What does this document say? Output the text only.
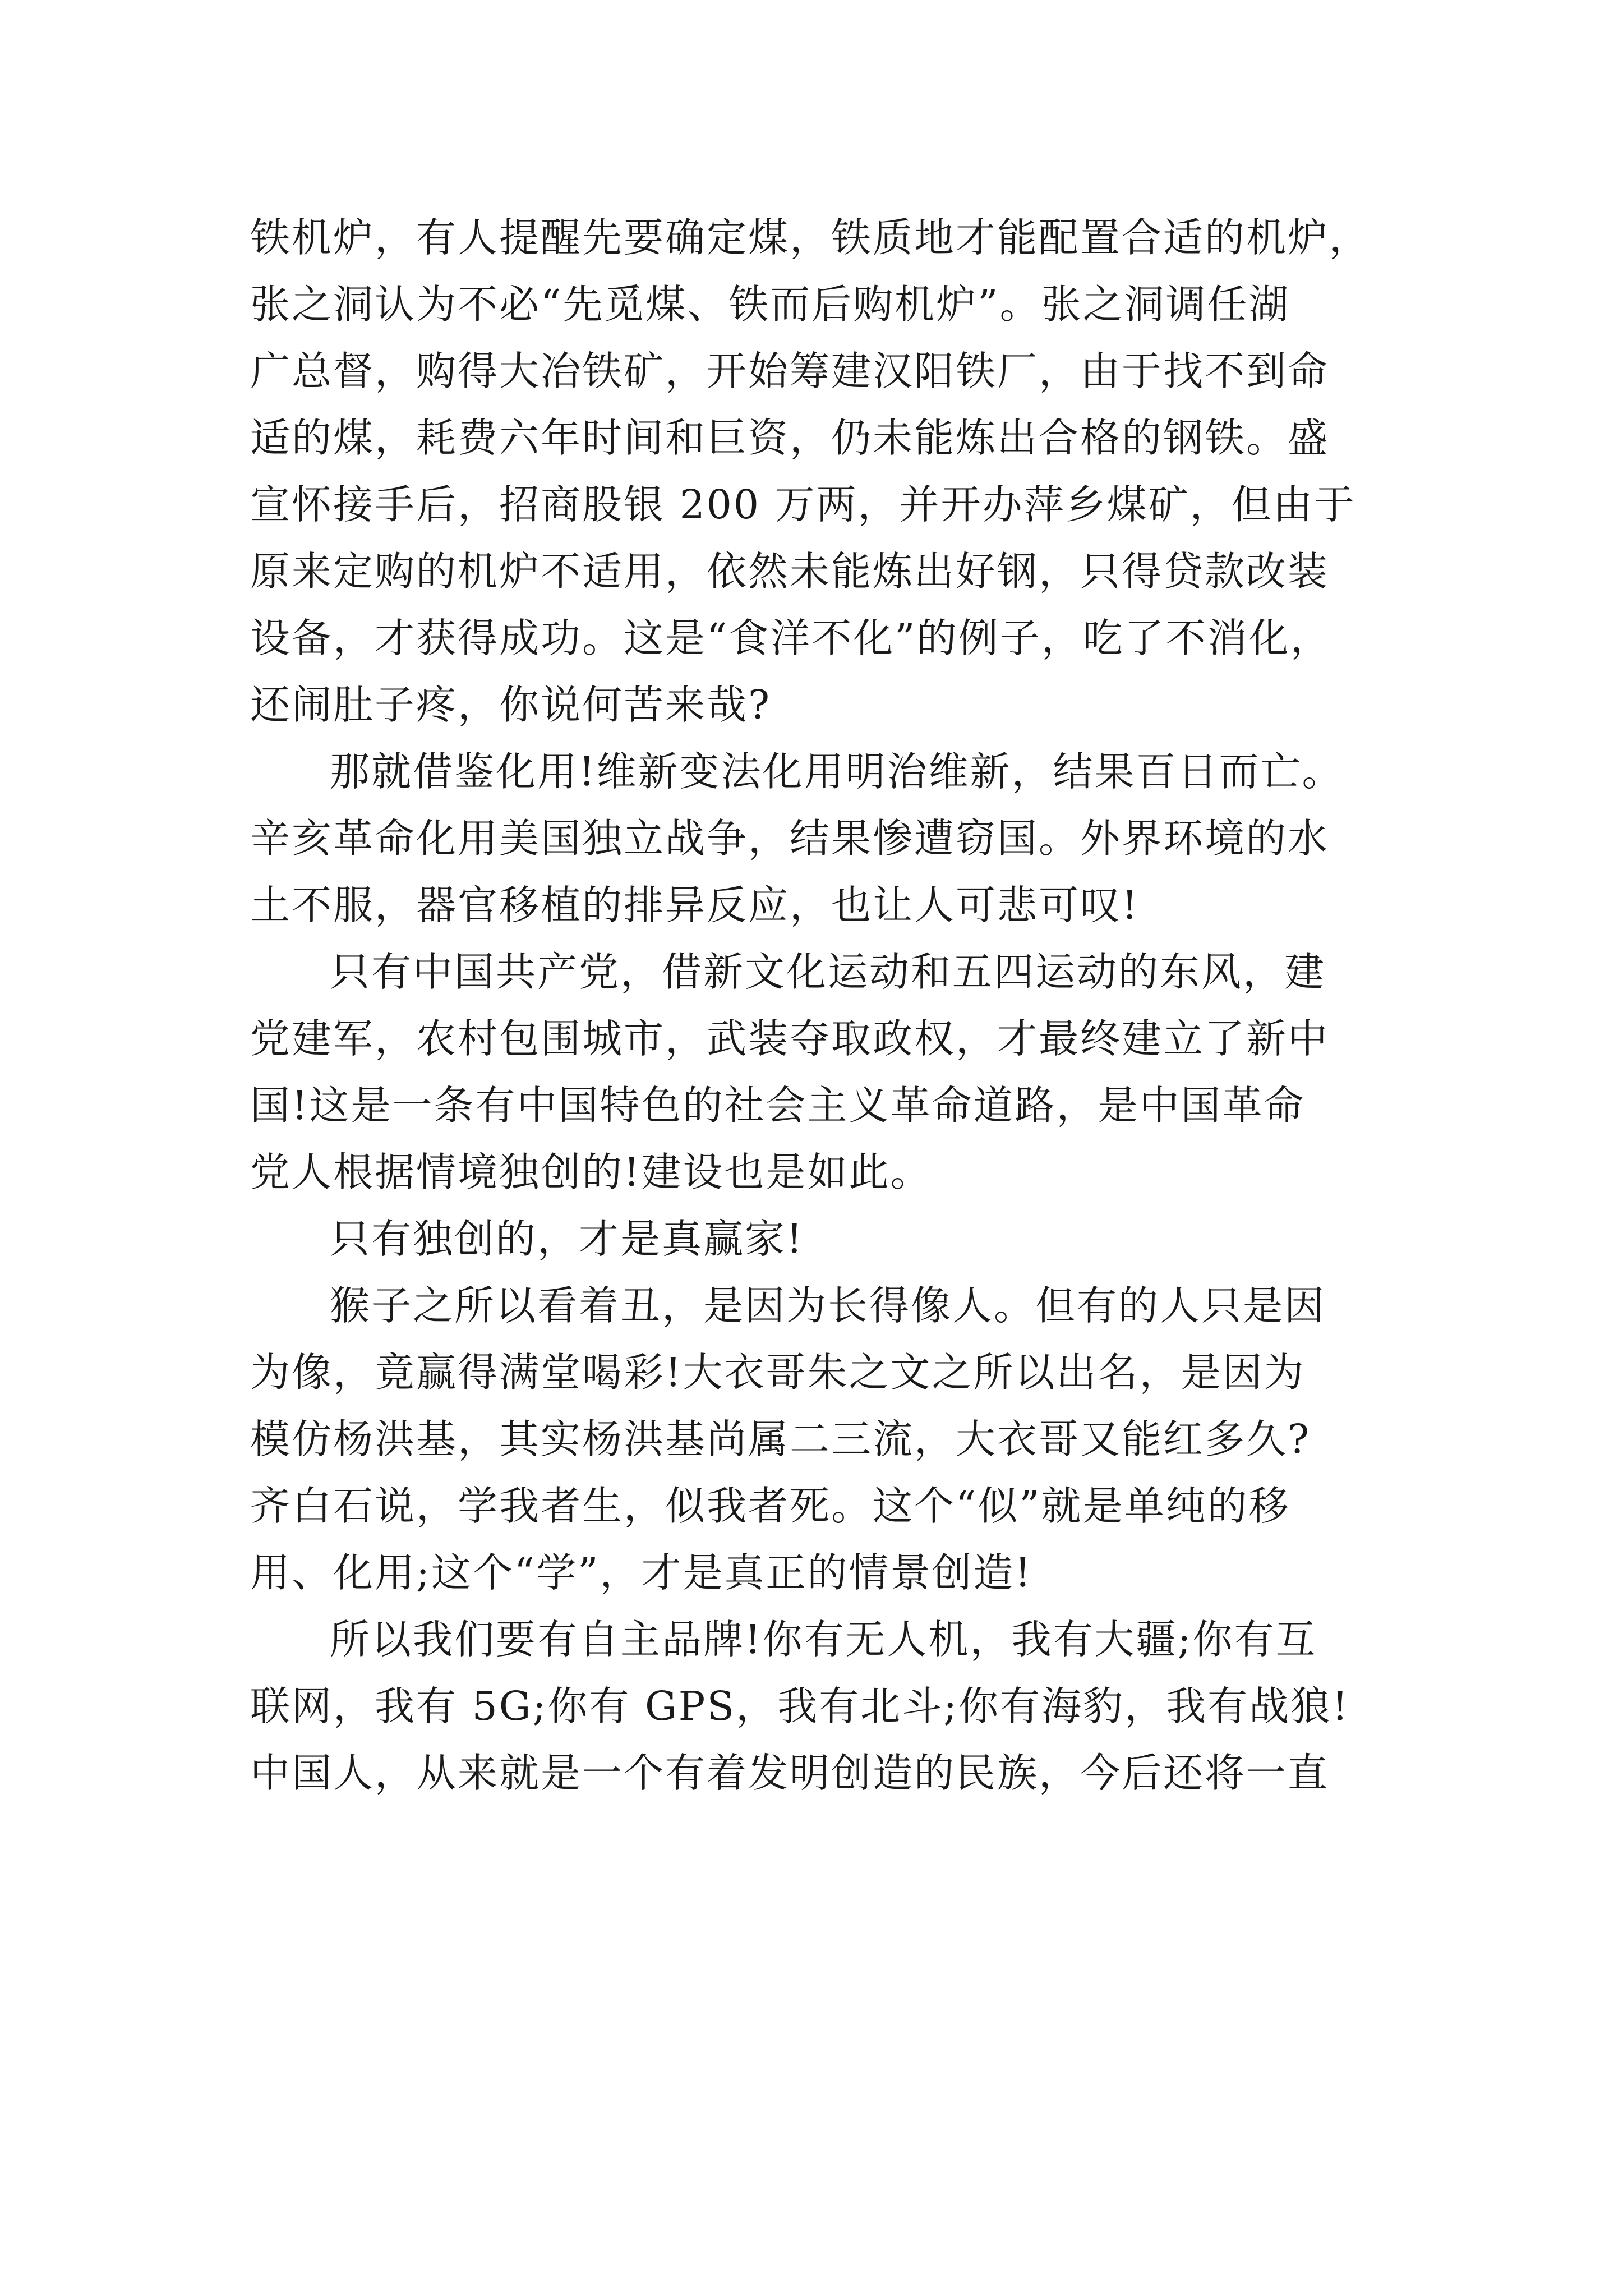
铁机炉，有人提醒先要确定煤，铁质地才能配置合适的机炉，
张之洞认为不必“先觅煤、铁而后购机炉”。张之洞调任湖
广总督，购得大冶铁矿，开始筹建汉阳铁厂，由于找不到命
适的煤，耗费六年时间和巨资，仍未能炼出合格的钢铁。盛
宣怀接手后，招商股银 200 万两，并开办萍乡煤矿，但由于
原来定购的机炉不适用，依然未能炼出好钢，只得贷款改装
设备，才获得成功。这是“食洋不化”的例子，吃了不消化，
还闹肚子疼，你说何苦来哉?
那就借鉴化用!维新变法化用明治维新，结果百日而亡。
辛亥革命化用美国独立战争，结果惨遭窃国。外界环境的水
土不服，器官移植的排异反应，也让人可悲可叹!
只有中国共产党，借新文化运动和五四运动的东风，建
党建军，农村包围城市，武装夺取政权，才最终建立了新中
国!这是一条有中国特色的社会主义革命道路，是中国革命
党人根据情境独创的!建设也是如此。
只有独创的，才是真赢家!
猴子之所以看着丑，是因为长得像人。但有的人只是因
为像，竟赢得满堂喝彩!大衣哥朱之文之所以出名，是因为
模仿杨洪基，其实杨洪基尚属二三流，大衣哥又能红多久?
齐白石说，学我者生，似我者死。这个“似”就是单纯的移
用、化用;这个“学”，才是真正的情景创造!
所以我们要有自主品牌!你有无人机，我有大疆;你有互
联网，我有 5G;你有 GPS，我有北斗;你有海豹，我有战狼!
中国人，从来就是一个有着发明创造的民族，今后还将一直
